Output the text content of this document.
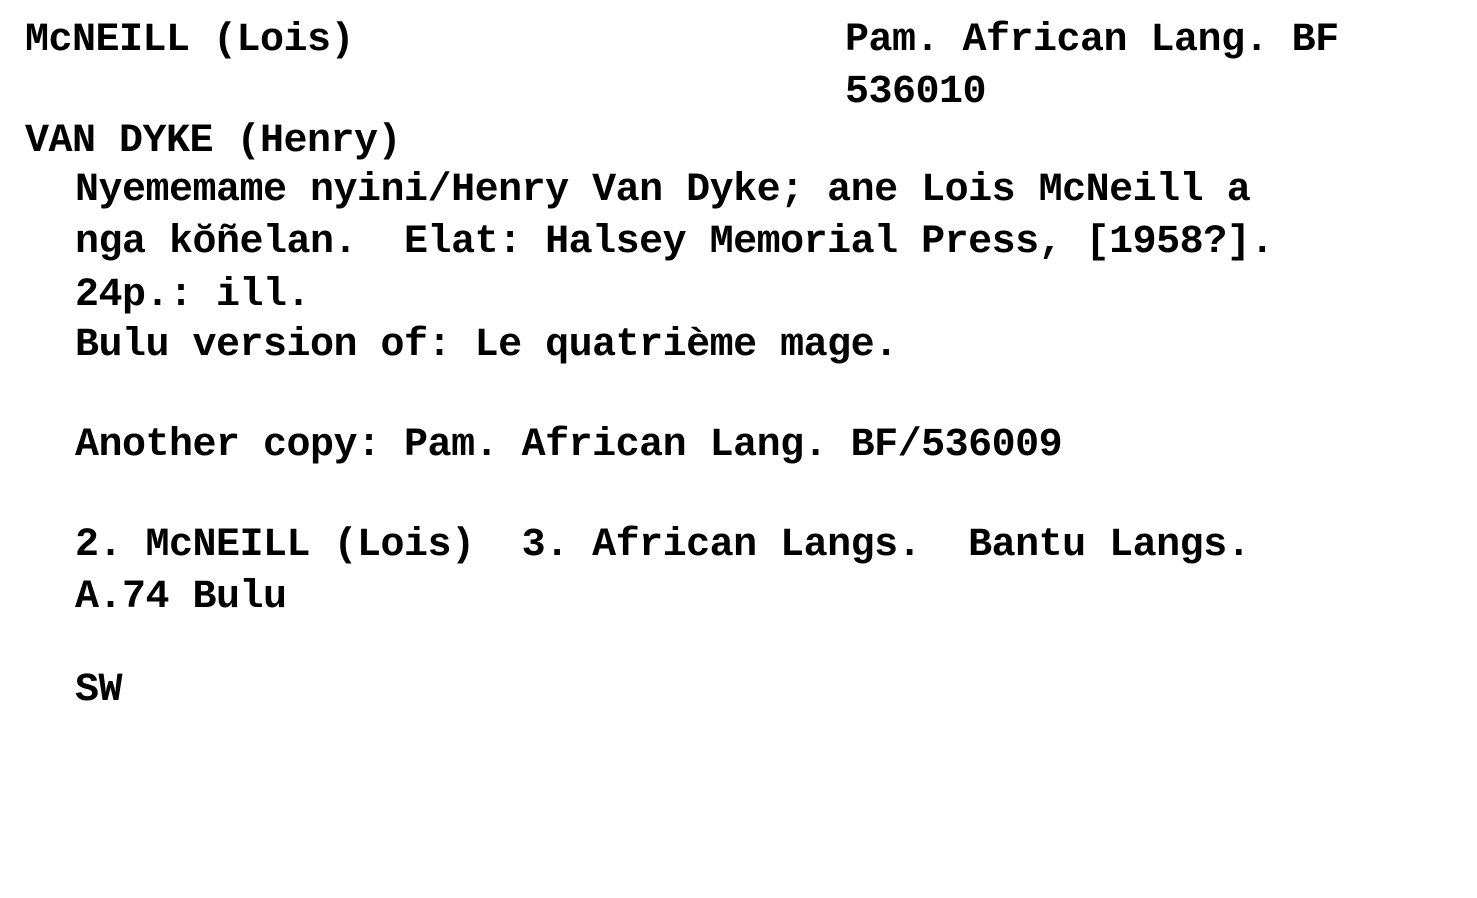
McNEILL (Lois)	Pam. African Lang. BF
536010
VAN DYKE (Henry)
Nyememame nyini/Henry Van Dyke; ane Lois McNeill a
nga kŏñelan.  Elat: Halsey Memorial Press, [1958?].
24p.: ill.
Bulu version of: Le quatrième mage.
Another copy: Pam. African Lang. BF/536009
2. McNEILL (Lois)  3. African Langs.  Bantu Langs.
A.74 Bulu
SW
